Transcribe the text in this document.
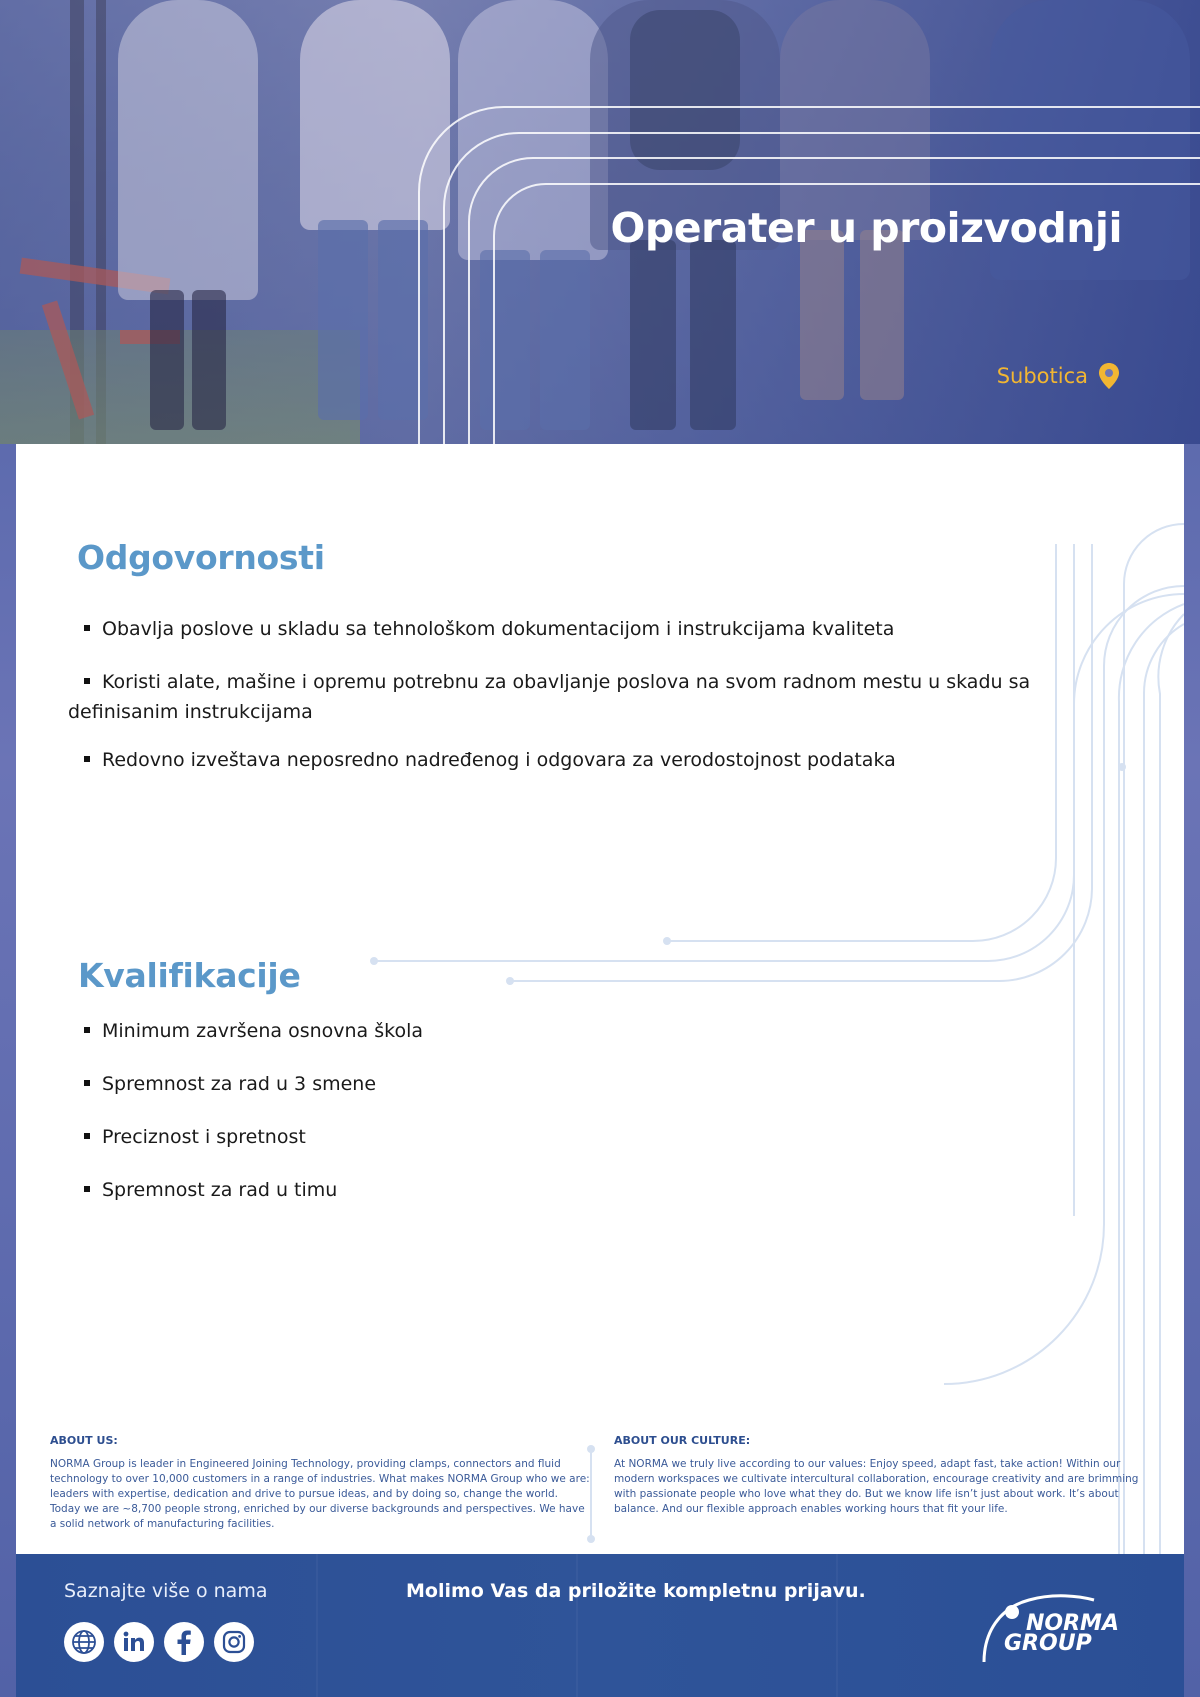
Operater u proizvodnji
Subotica
Odgovornosti
Obavlja poslove u skladu sa tehnološkom dokumentacijom i instrukcijama kvaliteta
Koristi alate, mašine i opremu potrebnu za obavljanje poslova na svom radnom mestu u skadu sa
definisanim instrukcijama
Redovno izveštava neposredno nadređenog i odgovara za verodostojnost podataka
Kvalifikacije
Minimum završena osnovna škola
Spremnost za rad u 3 smene
Preciznost i spretnost
Spremnost za rad u timu
ABOUT US:

NORMA Group is leader in Engineered Joining Technology, providing clamps, connectors and fluid technology to over 10,000 customers in a range of industries. What makes NORMA Group who we are: leaders with expertise, dedication and drive to pursue ideas, and by doing so, change the world. Today we are ~8,700 people strong, enriched by our diverse backgrounds and perspectives. We have a solid network of manufacturing facilities.

ABOUT OUR CULTURE:

At NORMA we truly live according to our values: Enjoy speed, adapt fast, take action! Within our modern workspaces we cultivate intercultural collaboration, encourage creativity and are brimming with passionate people who love what they do. But we know life isn’t just about work. It’s about balance. And our flexible approach enables working hours that fit your life.

Saznajte više o nama	Molimo Vas da priložite kompletnu prijavu.
NORMA
GROUP
